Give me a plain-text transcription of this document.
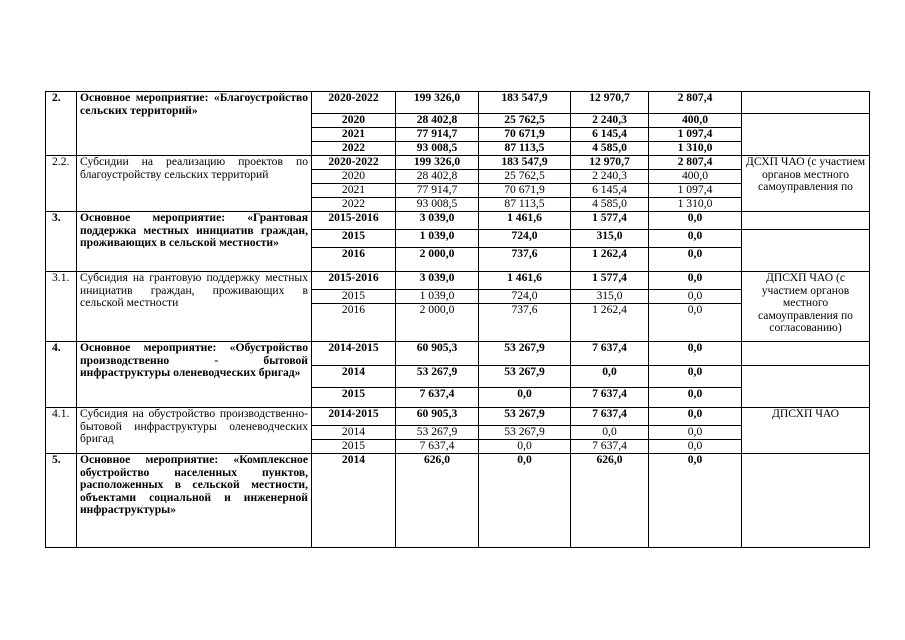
2.	Основное мероприятие: «Благоустройство сельских территорий»	2020-2022	199 326,0	183 547,9	12 970,7	2 807,4	
		2020	28 402,8	25 762,5	2 240,3	400,0	
		2021	77 914,7	70 671,9	6 145,4	1 097,4	
		2022	93 008,5	87 113,5	4 585,0	1 310,0	
2.2.	Субсидии на реализацию проектов по благоустройству сельских территорий	2020-2022	199 326,0	183 547,9	12 970,7	2 807,4	ДСХП ЧАО (с участием органов местного самоуправления по
		2020	28 402,8	25 762,5	2 240,3	400,0	
		2021	77 914,7	70 671,9	6 145,4	1 097,4	
		2022	93 008,5	87 113,5	4 585,0	1 310,0	
3.	Основное мероприятие: «Грантовая поддержка местных инициатив граждан, проживающих в сельской местности»	2015-2016	3 039,0	1 461,6	1 577,4	0,0	
		2015	1 039,0	724,0	315,0	0,0	
		2016	2 000,0	737,6	1 262,4	0,0	
3.1.	Субсидия на грантовую поддержку местных инициатив граждан, проживающих в сельской местности	2015-2016	3 039,0	1 461,6	1 577,4	0,0	ДПСХП ЧАО (с участием органов местного самоуправления по согласованию)
		2015	1 039,0	724,0	315,0	0,0	
		2016	2 000,0	737,6	1 262,4	0,0	
4.	Основное мероприятие: «Обустройство производственно - бытовой инфраструктуры оленеводческих бригад»	2014-2015	60 905,3	53 267,9	7 637,4	0,0	
		2014	53 267,9	53 267,9	0,0	0,0	
		2015	7 637,4	0,0	7 637,4	0,0	
4.1.	Субсидия на обустройство производственно-бытовой инфраструктуры оленеводческих бригад	2014-2015	60 905,3	53 267,9	7 637,4	0,0	ДПСХП ЧАО
		2014	53 267,9	53 267,9	0,0	0,0	
		2015	7 637,4	0,0	7 637,4	0,0	
5.	Основное мероприятие: «Комплексное обустройство населенных пунктов, расположенных в сельской местности, объектами социальной и инженерной инфраструктуры»	2014	626,0	0,0	626,0	0,0	
